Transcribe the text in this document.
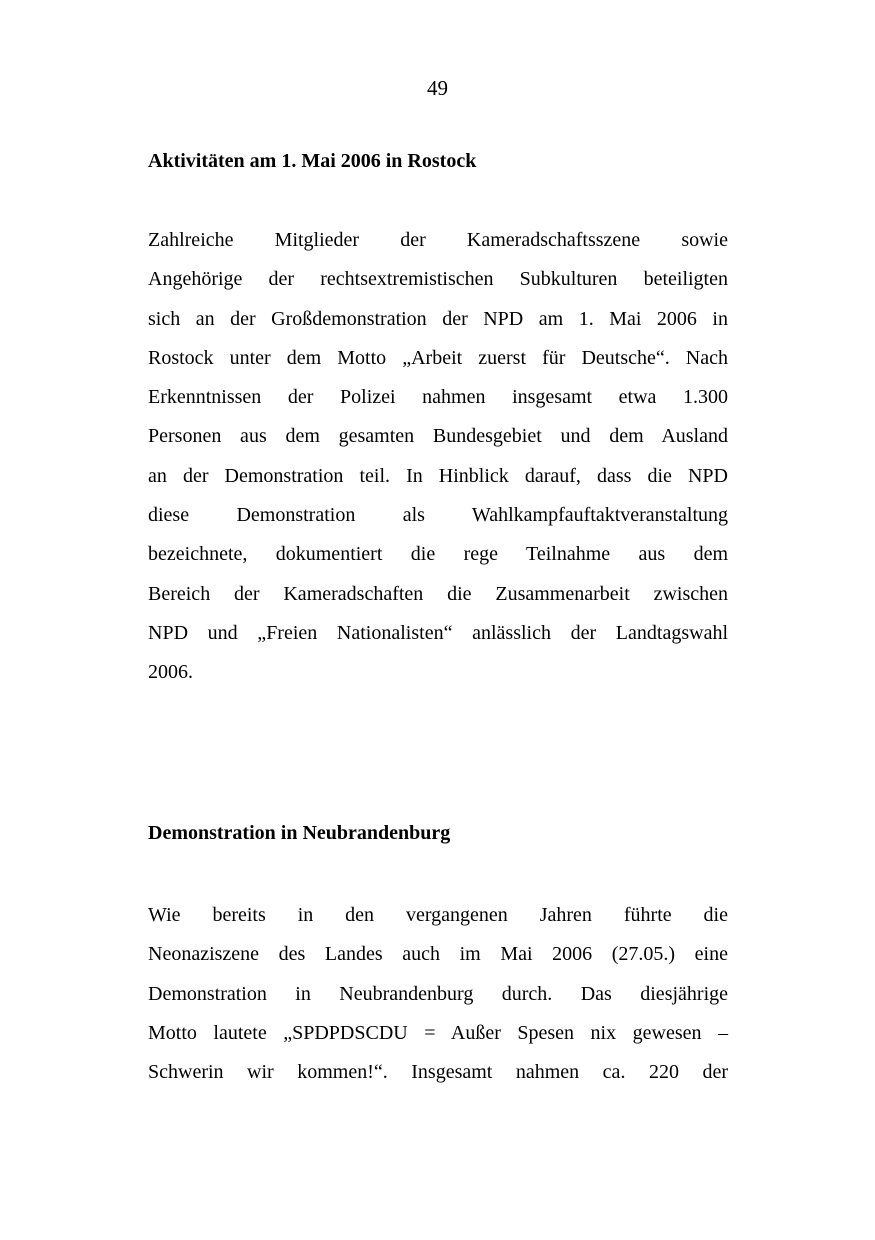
49
Aktivitäten am 1. Mai 2006 in Rostock
Zahlreiche Mitglieder der Kameradschaftsszene sowie
Angehörige der rechtsextremistischen Subkulturen beteiligten
sich an der Großdemonstration der NPD am 1. Mai 2006 in
Rostock unter dem Motto „Arbeit zuerst für Deutsche“. Nach
Erkenntnissen der Polizei nahmen insgesamt etwa 1.300
Personen aus dem gesamten Bundesgebiet und dem Ausland
an der Demonstration teil. In Hinblick darauf, dass die NPD
diese Demonstration als Wahlkampfauftaktveranstaltung
bezeichnete, dokumentiert die rege Teilnahme aus dem
Bereich der Kameradschaften die Zusammenarbeit zwischen
NPD und „Freien Nationalisten“ anlässlich der Landtagswahl
2006.
Demonstration in Neubrandenburg
Wie bereits in den vergangenen Jahren führte die
Neonaziszene des Landes auch im Mai 2006 (27.05.) eine
Demonstration in Neubrandenburg durch. Das diesjährige
Motto lautete „SPDPDSCDU = Außer Spesen nix gewesen –
Schwerin wir kommen!“. Insgesamt nahmen ca. 220 der
